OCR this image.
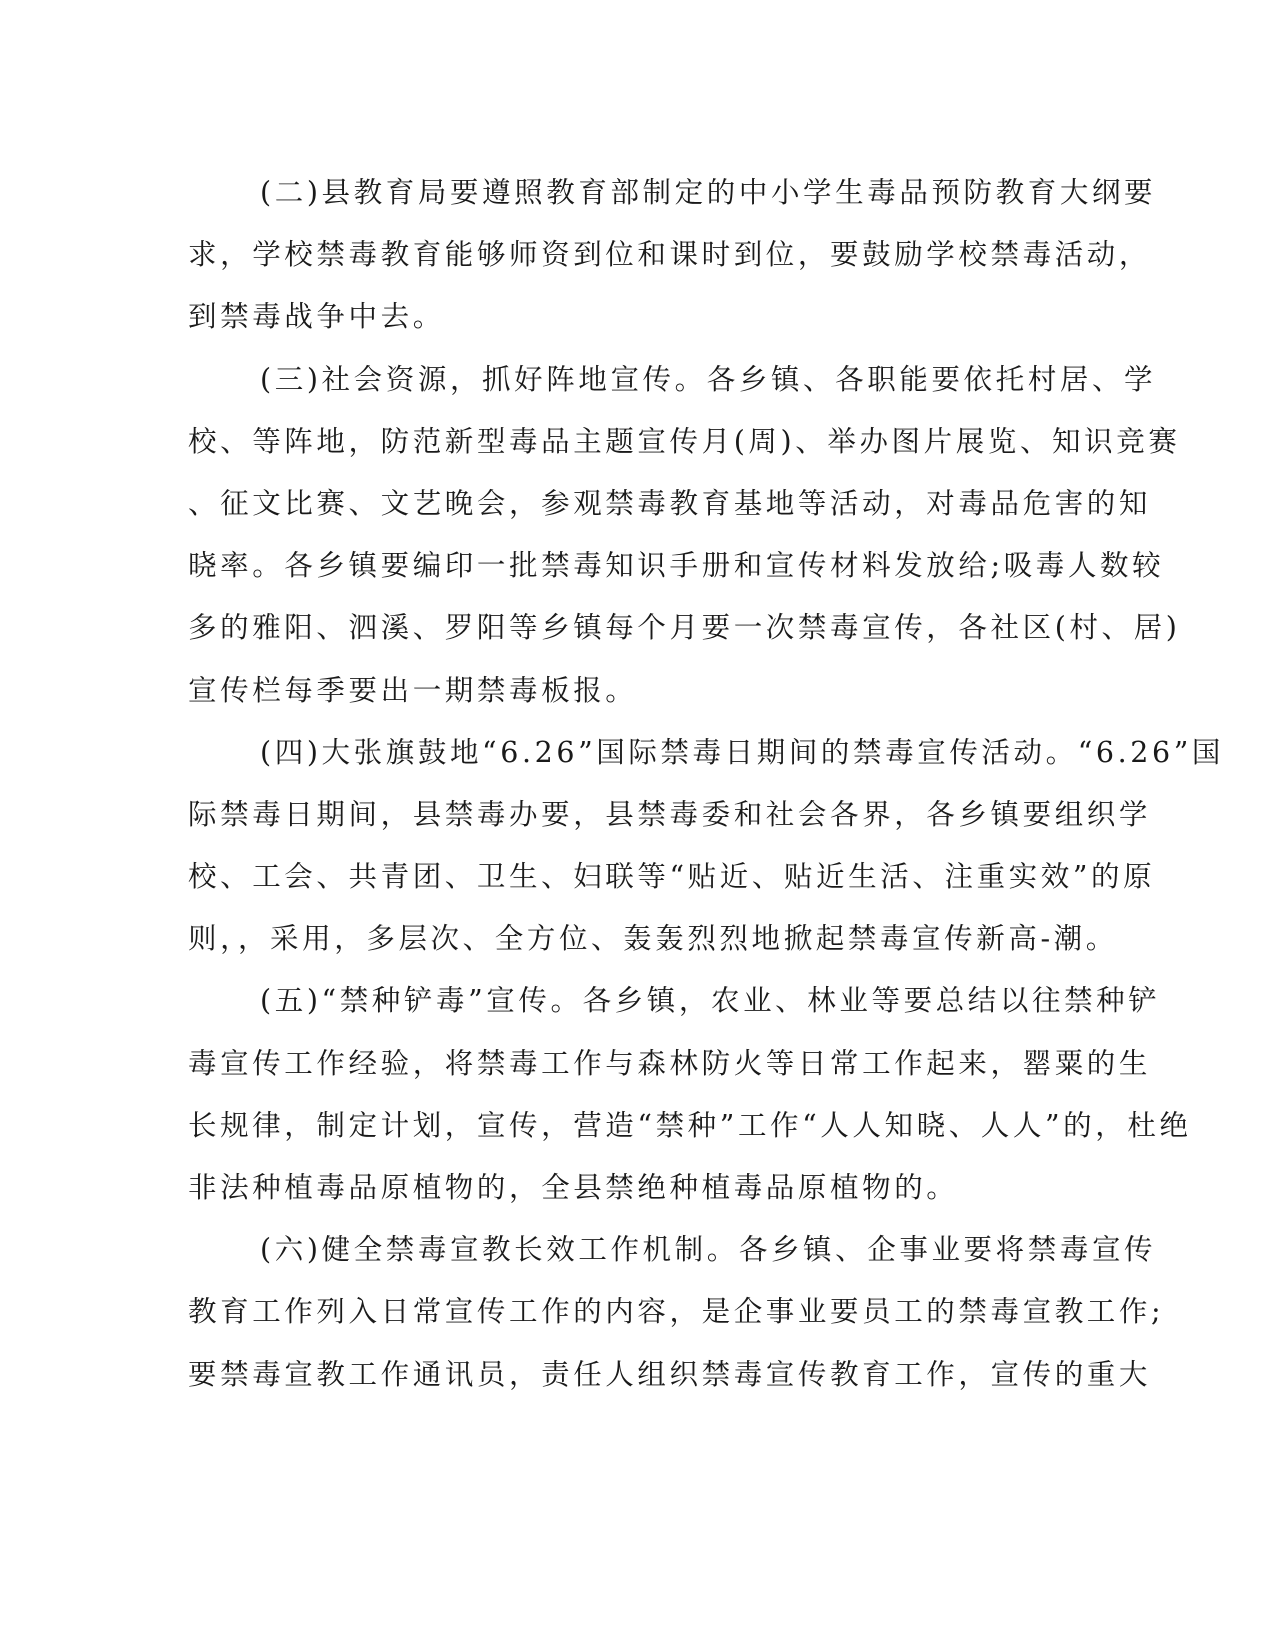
(二)县教育局要遵照教育部制定的中小学生毒品预防教育大纲要
求，学校禁毒教育能够师资到位和课时到位，要鼓励学校禁毒活动，
到禁毒战争中去。
(三)社会资源，抓好阵地宣传。各乡镇、各职能要依托村居、学
校、等阵地，防范新型毒品主题宣传月(周)、举办图片展览、知识竞赛
、征文比赛、文艺晚会，参观禁毒教育基地等活动，对毒品危害的知
晓率。各乡镇要编印一批禁毒知识手册和宣传材料发放给;吸毒人数较
多的雅阳、泗溪、罗阳等乡镇每个月要一次禁毒宣传，各社区(村、居)
宣传栏每季要出一期禁毒板报。
(四)大张旗鼓地“6.26”国际禁毒日期间的禁毒宣传活动。“6.26”国
际禁毒日期间，县禁毒办要，县禁毒委和社会各界，各乡镇要组织学
校、工会、共青团、卫生、妇联等“贴近、贴近生活、注重实效”的原
则，，采用，多层次、全方位、轰轰烈烈地掀起禁毒宣传新高-潮。
(五)“禁种铲毒”宣传。各乡镇，农业、林业等要总结以往禁种铲
毒宣传工作经验，将禁毒工作与森林防火等日常工作起来，罂粟的生
长规律，制定计划，宣传，营造“禁种”工作“人人知晓、人人”的，杜绝
非法种植毒品原植物的，全县禁绝种植毒品原植物的。
(六)健全禁毒宣教长效工作机制。各乡镇、企事业要将禁毒宣传
教育工作列入日常宣传工作的内容，是企事业要员工的禁毒宣教工作;
要禁毒宣教工作通讯员，责任人组织禁毒宣传教育工作，宣传的重大
